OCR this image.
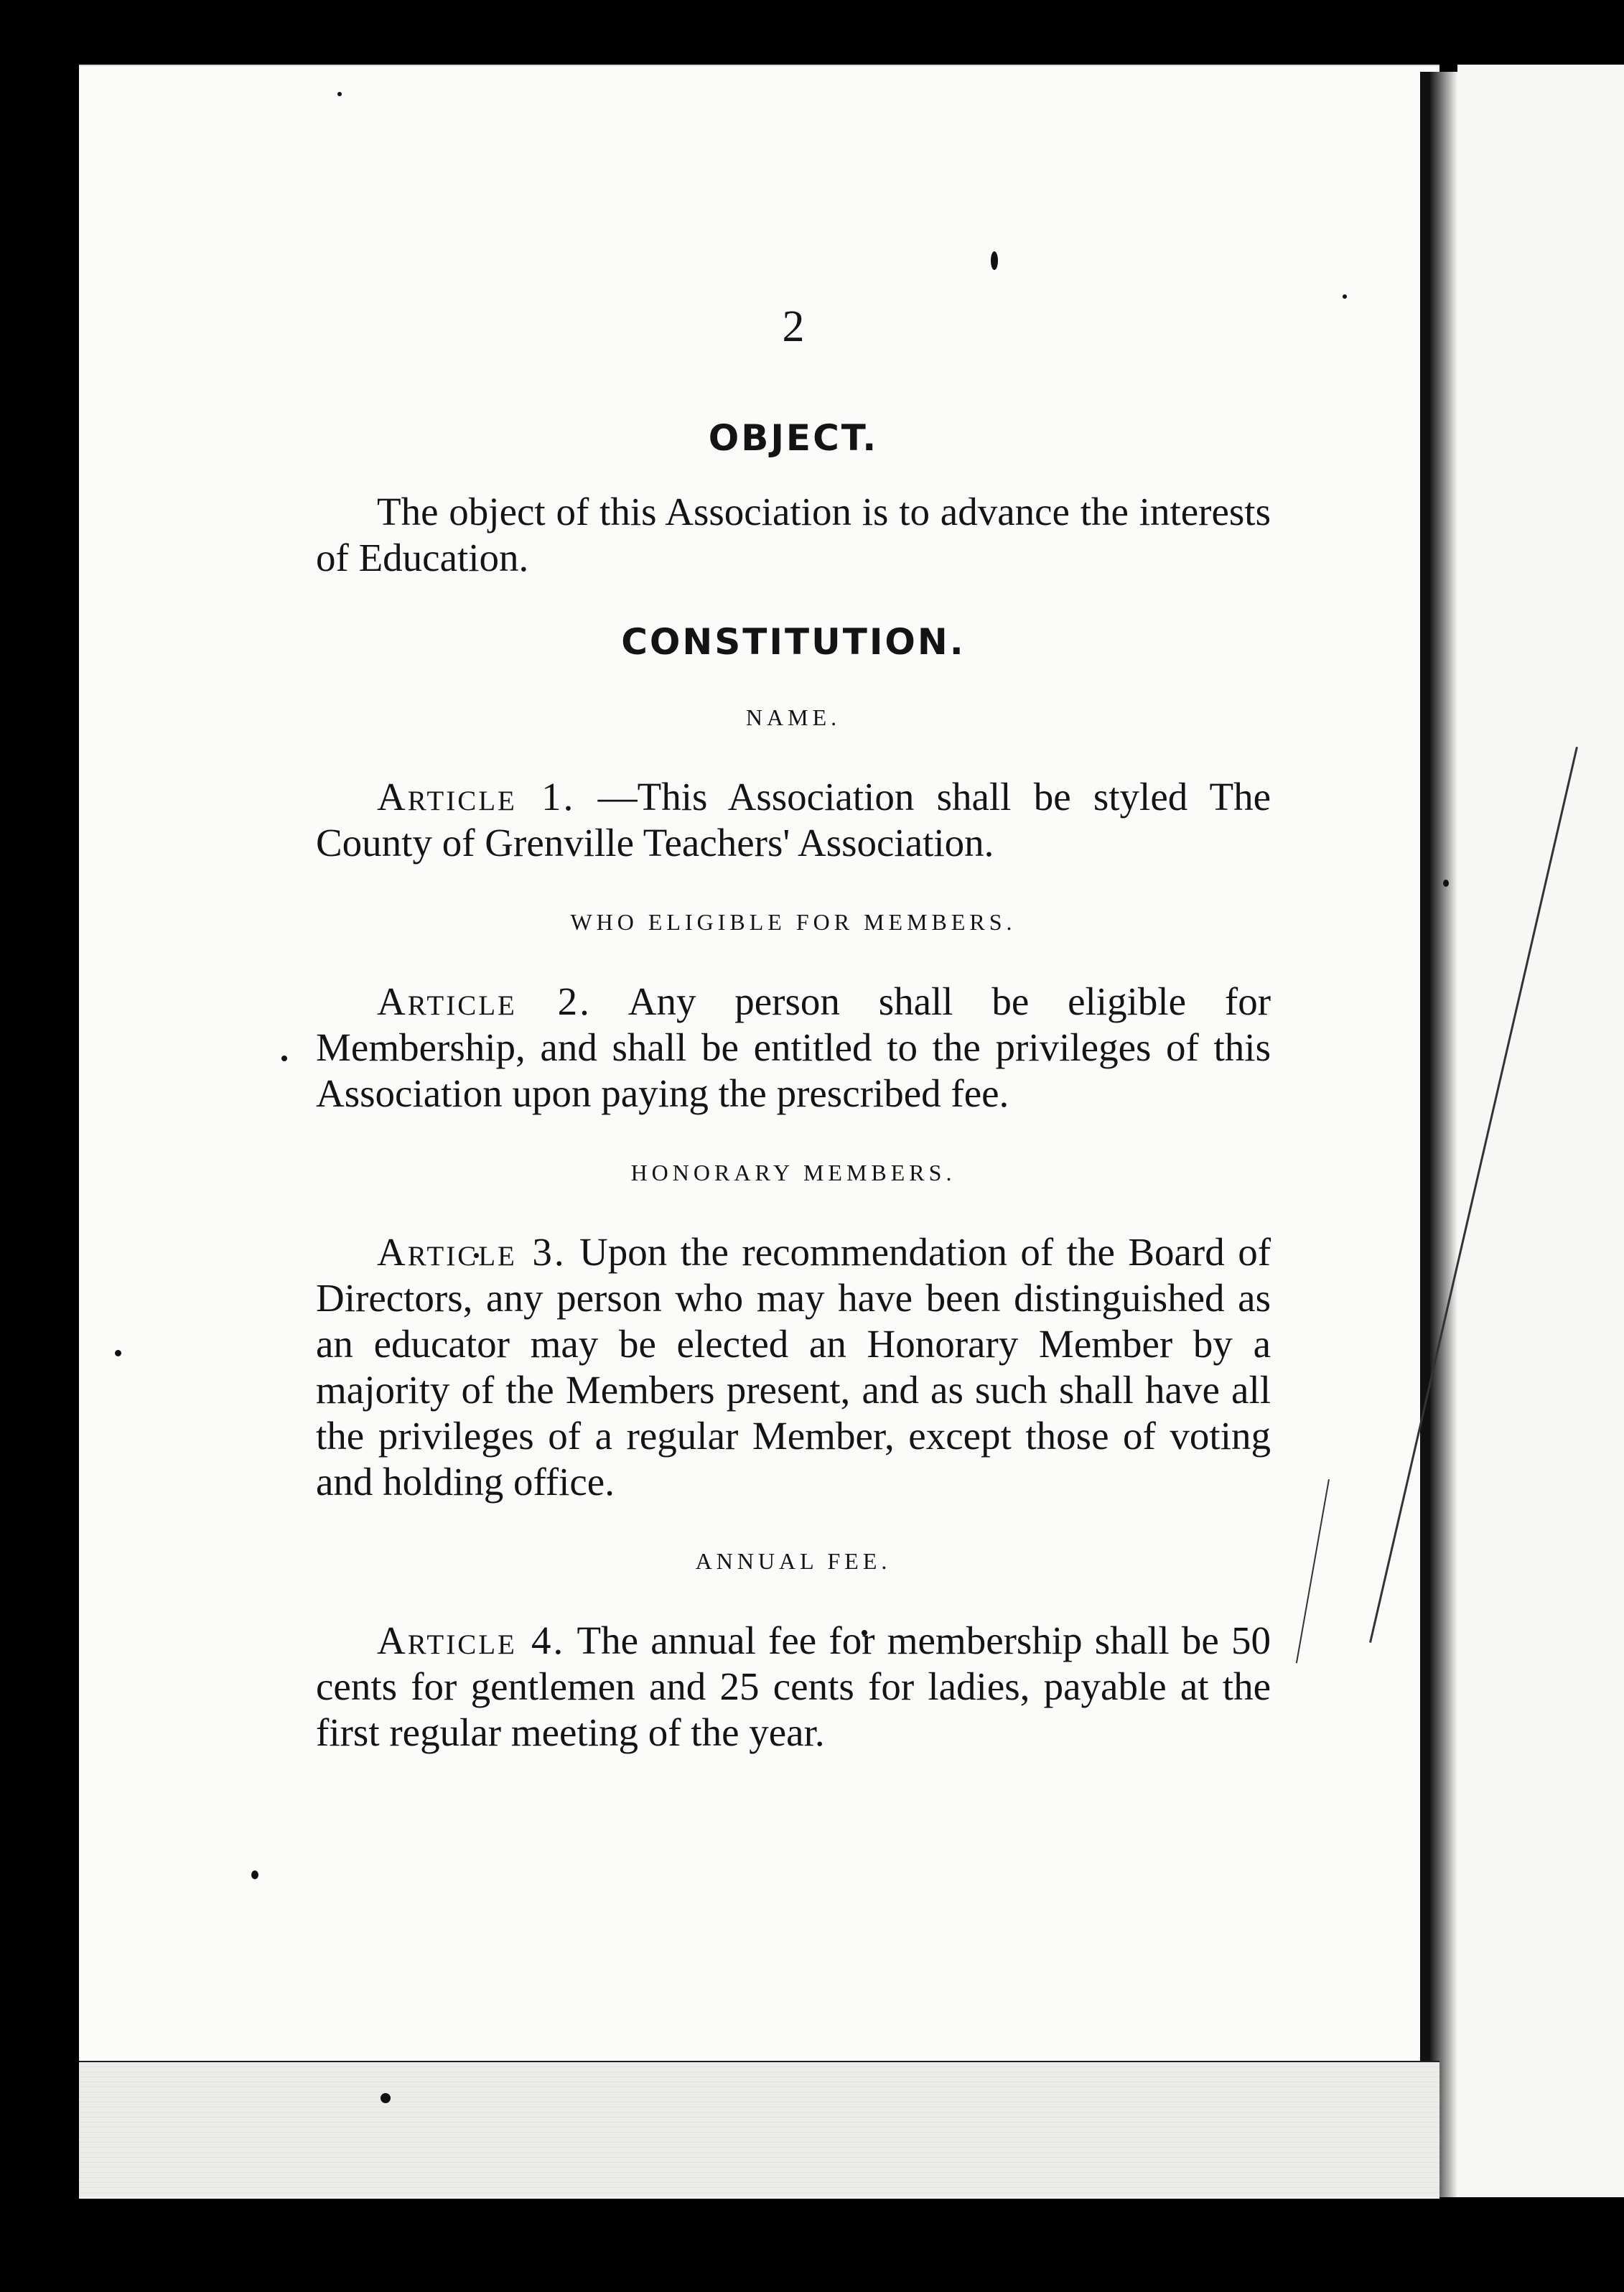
2
OBJECT.

The object of this Association is to advance the interests of Education.

CONSTITUTION.
NAME.

Article 1. —This Association shall be styled The County of Grenville Teachers' Association.

WHO ELIGIBLE FOR MEMBERS.

Article 2. Any person shall be eligible for Membership, and shall be entitled to the privileges of this Association upon paying the prescribed fee.

HONORARY MEMBERS.

Article 3. Upon the recommendation of the Board of Directors, any person who may have been distinguished as an educator may be elected an Honorary Member by a majority of the Members present, and as such shall have all the privileges of a regular Member, except those of voting and holding office.

ANNUAL FEE.

Article 4. The annual fee for membership shall be 50 cents for gentlemen and 25 cents for ladies, payable at the first regular meeting of the year.
